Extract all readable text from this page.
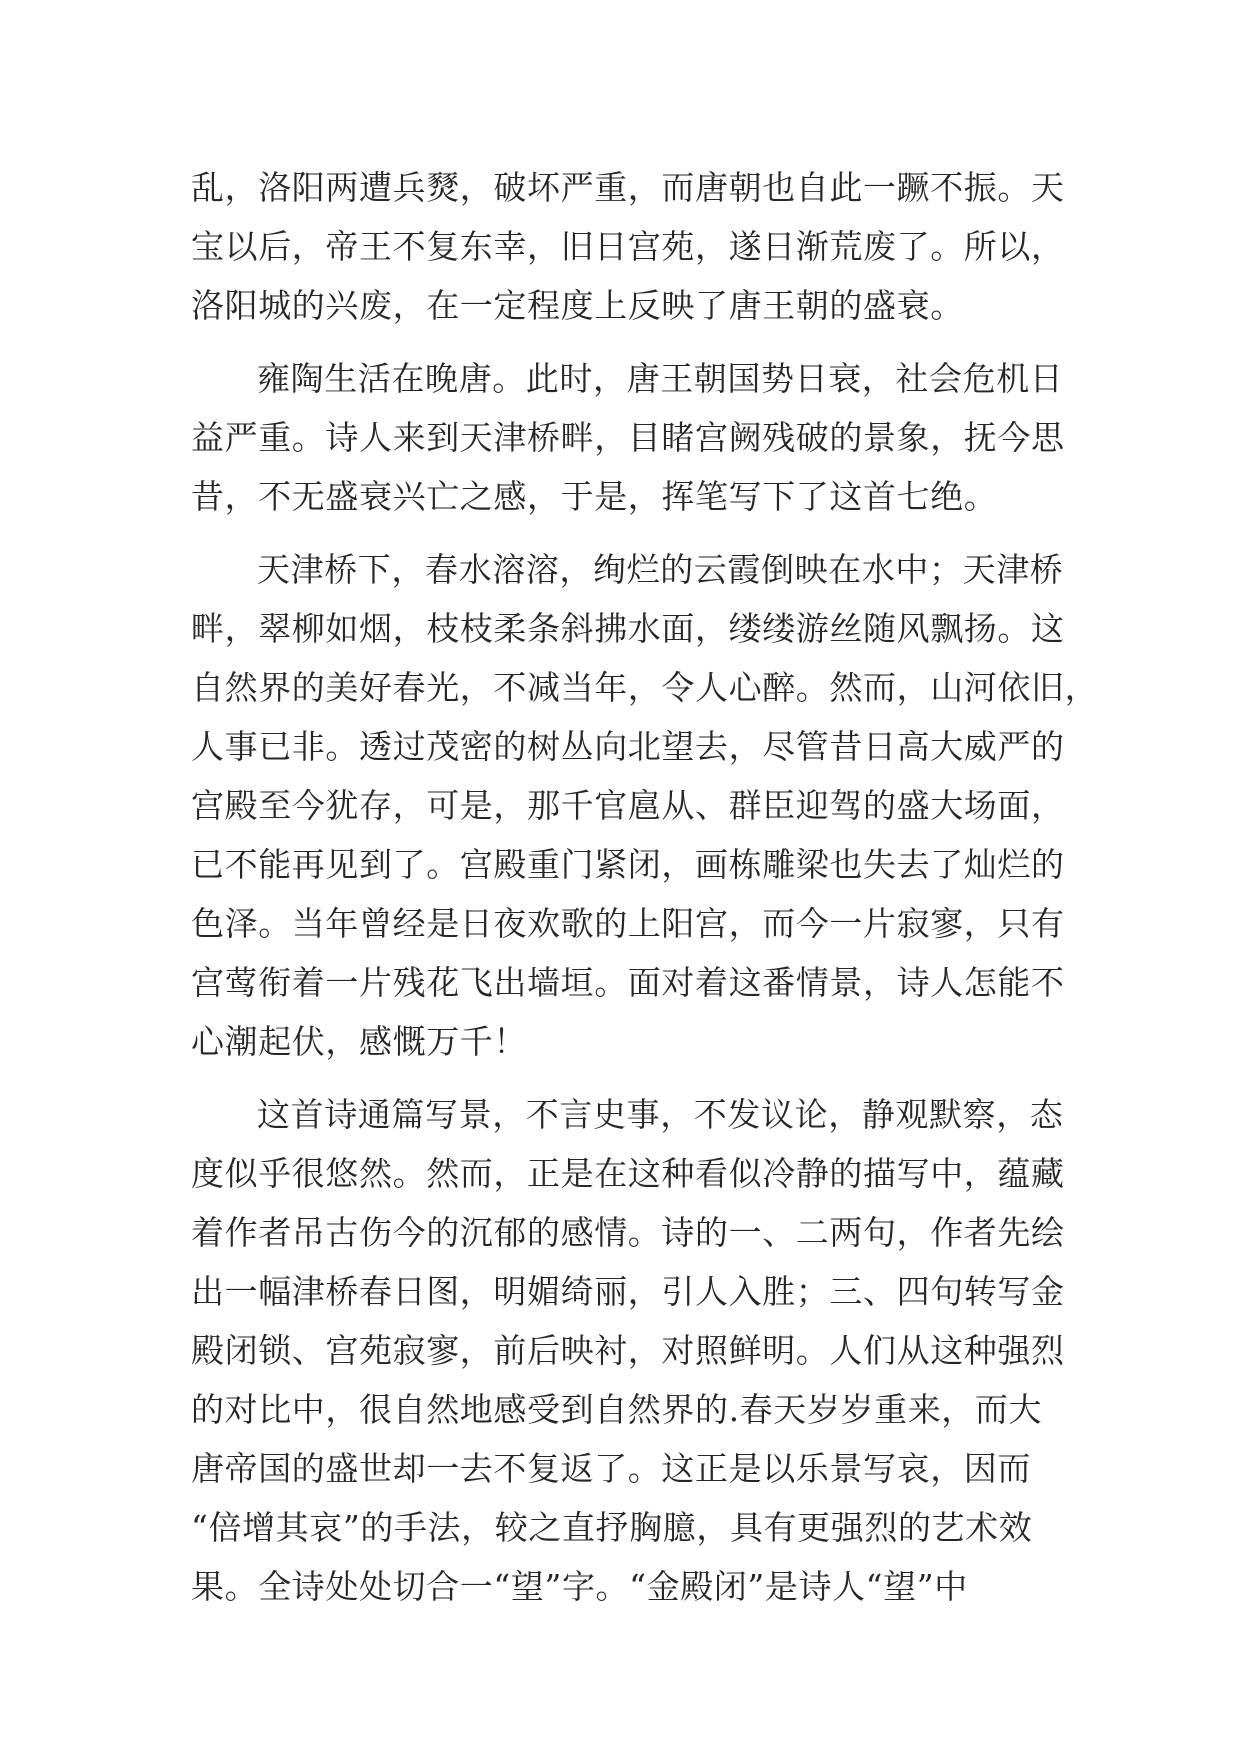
乱，洛阳两遭兵燹，破坏严重，而唐朝也自此一蹶不振。天
宝以后，帝王不复东幸，旧日宫苑，遂日渐荒废了。所以，
洛阳城的兴废，在一定程度上反映了唐王朝的盛衰。
雍陶生活在晚唐。此时，唐王朝国势日衰，社会危机日
益严重。诗人来到天津桥畔，目睹宫阙残破的景象，抚今思
昔，不无盛衰兴亡之感，于是，挥笔写下了这首七绝。
天津桥下，春水溶溶，绚烂的云霞倒映在水中；天津桥
畔，翠柳如烟，枝枝柔条斜拂水面，缕缕游丝随风飘扬。这
自然界的美好春光，不减当年，令人心醉。然而，山河依旧，
人事已非。透过茂密的树丛向北望去，尽管昔日高大威严的
宫殿至今犹存，可是，那千官扈从、群臣迎驾的盛大场面，
已不能再见到了。宫殿重门紧闭，画栋雕梁也失去了灿烂的
色泽。当年曾经是日夜欢歌的上阳宫，而今一片寂寥，只有
宫莺衔着一片残花飞出墙垣。面对着这番情景，诗人怎能不
心潮起伏，感慨万千！
这首诗通篇写景，不言史事，不发议论，静观默察，态
度似乎很悠然。然而，正是在这种看似冷静的描写中，蕴藏
着作者吊古伤今的沉郁的感情。诗的一、二两句，作者先绘
出一幅津桥春日图，明媚绮丽，引人入胜；三、四句转写金
殿闭锁、宫苑寂寥，前后映衬，对照鲜明。人们从这种强烈
的对比中，很自然地感受到自然界的.春天岁岁重来，而大
唐帝国的盛世却一去不复返了。这正是以乐景写哀，因而
“倍增其哀”的手法，较之直抒胸臆，具有更强烈的艺术效
果。全诗处处切合一“望”字。“金殿闭”是诗人“望”中
